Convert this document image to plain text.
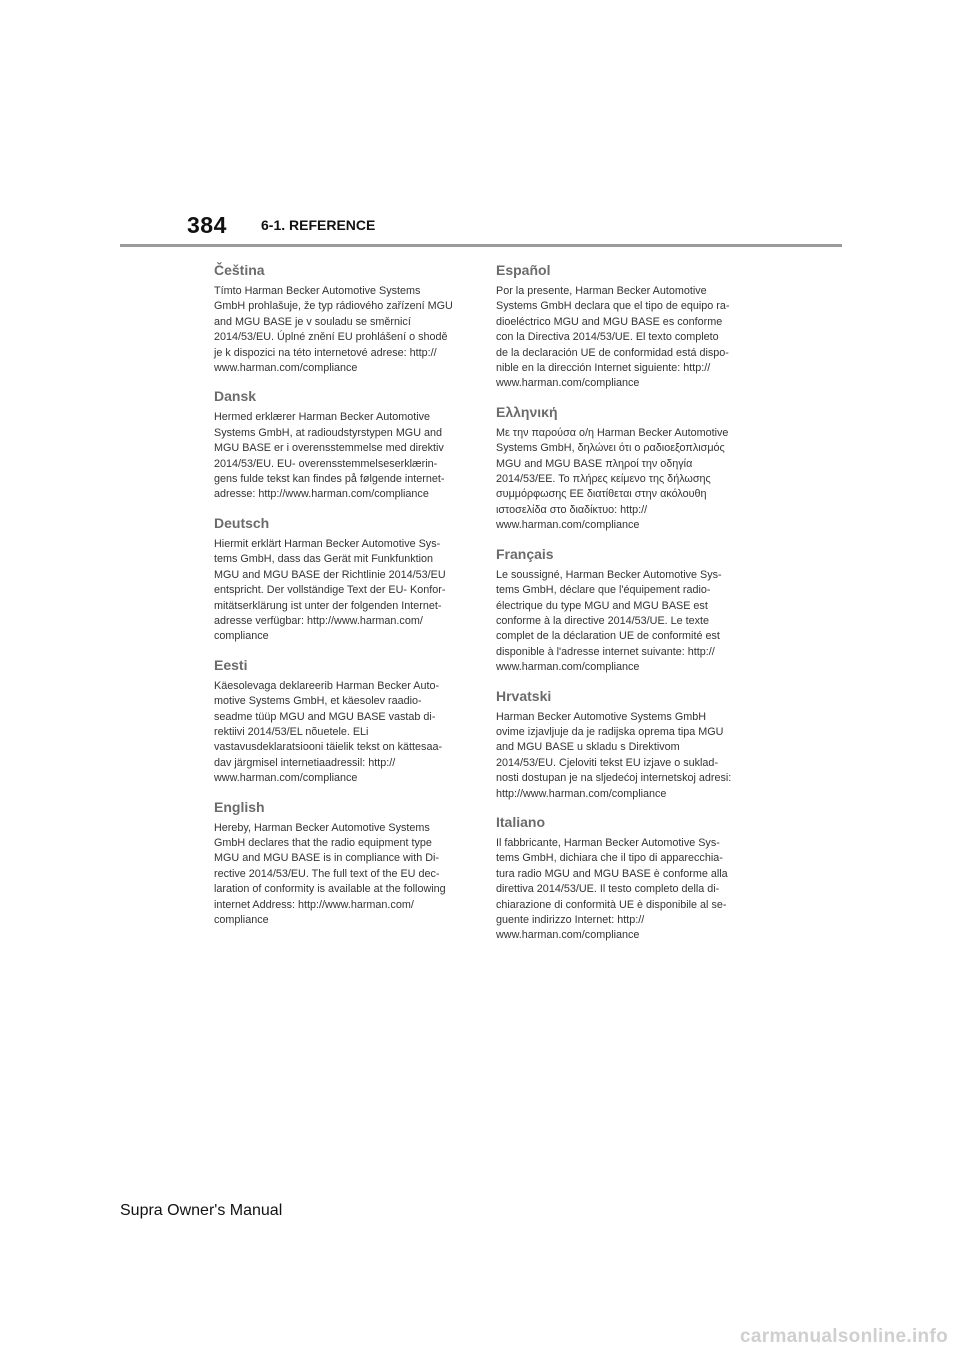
384 6-1. REFERENCE
Čeština
Tímto Harman Becker Automotive Systems
GmbH prohlašuje, že typ rádiového zařízení MGU
and MGU BASE je v souladu se směrnicí
2014/53/EU. Úplné znění EU prohlášení o shodě
je k dispozici na této internetové adrese: http://
www.harman.com/compliance
Dansk
Hermed erklærer Harman Becker Automotive
Systems GmbH, at radioudstyrstypen MGU and
MGU BASE er i overensstemmelse med direktiv
2014/53/EU. EU- overensstemmelseserklærin-
gens fulde tekst kan findes på følgende internet-
adresse: http://www.harman.com/compliance
Deutsch
Hiermit erklärt Harman Becker Automotive Sys-
tems GmbH, dass das Gerät mit Funkfunktion
MGU and MGU BASE der Richtlinie 2014/53/EU
entspricht. Der vollständige Text der EU- Konfor-
mitätserklärung ist unter der folgenden Internet-
adresse verfügbar: http://www.harman.com/
compliance
Eesti
Käesolevaga deklareerib Harman Becker Auto-
motive Systems GmbH, et käesolev raadio-
seadme tüüp MGU and MGU BASE vastab di-
rektiivi 2014/53/EL nõuetele. ELi
vastavusdeklaratsiooni täielik tekst on kättesaa-
dav järgmisel internetiaadressil: http://
www.harman.com/compliance
English
Hereby, Harman Becker Automotive Systems
GmbH declares that the radio equipment type
MGU and MGU BASE is in compliance with Di-
rective 2014/53/EU. The full text of the EU dec-
laration of conformity is available at the following
internet Address: http://www.harman.com/
compliance
Español
Por la presente, Harman Becker Automotive
Systems GmbH declara que el tipo de equipo ra-
dioeléctrico MGU and MGU BASE es conforme
con la Directiva 2014/53/UE. El texto completo
de la declaración UE de conformidad está dispo-
nible en la dirección Internet siguiente: http://
www.harman.com/compliance
Ελληνική
Με την παρούσα ο/η Harman Becker Automotive
Systems GmbH, δηλώνει ότι ο ραδιοεξοπλισμός
MGU and MGU BASE πληροί την οδηγία
2014/53/ΕΕ. Το πλήρες κείμενο της δήλωσης
συμμόρφωσης ΕΕ διατίθεται στην ακόλουθη
ιστοσελίδα στο διαδίκτυο: http://
www.harman.com/compliance
Français
Le soussigné, Harman Becker Automotive Sys-
tems GmbH, déclare que l'équipement radio-
électrique du type MGU and MGU BASE est
conforme à la directive 2014/53/UE. Le texte
complet de la déclaration UE de conformité est
disponible à l'adresse internet suivante: http://
www.harman.com/compliance
Hrvatski
Harman Becker Automotive Systems GmbH
ovime izjavljuje da je radijska oprema tipa MGU
and MGU BASE u skladu s Direktivom
2014/53/EU. Cjeloviti tekst EU izjave o suklad-
nosti dostupan je na sljedećoj internetskoj adresi:
http://www.harman.com/compliance
Italiano
Il fabbricante, Harman Becker Automotive Sys-
tems GmbH, dichiara che il tipo di apparecchia-
tura radio MGU and MGU BASE è conforme alla
direttiva 2014/53/UE. Il testo completo della di-
chiarazione di conformità UE è disponibile al se-
guente indirizzo Internet: http://
www.harman.com/compliance
Supra Owner's Manual
carmanualsonline.info
